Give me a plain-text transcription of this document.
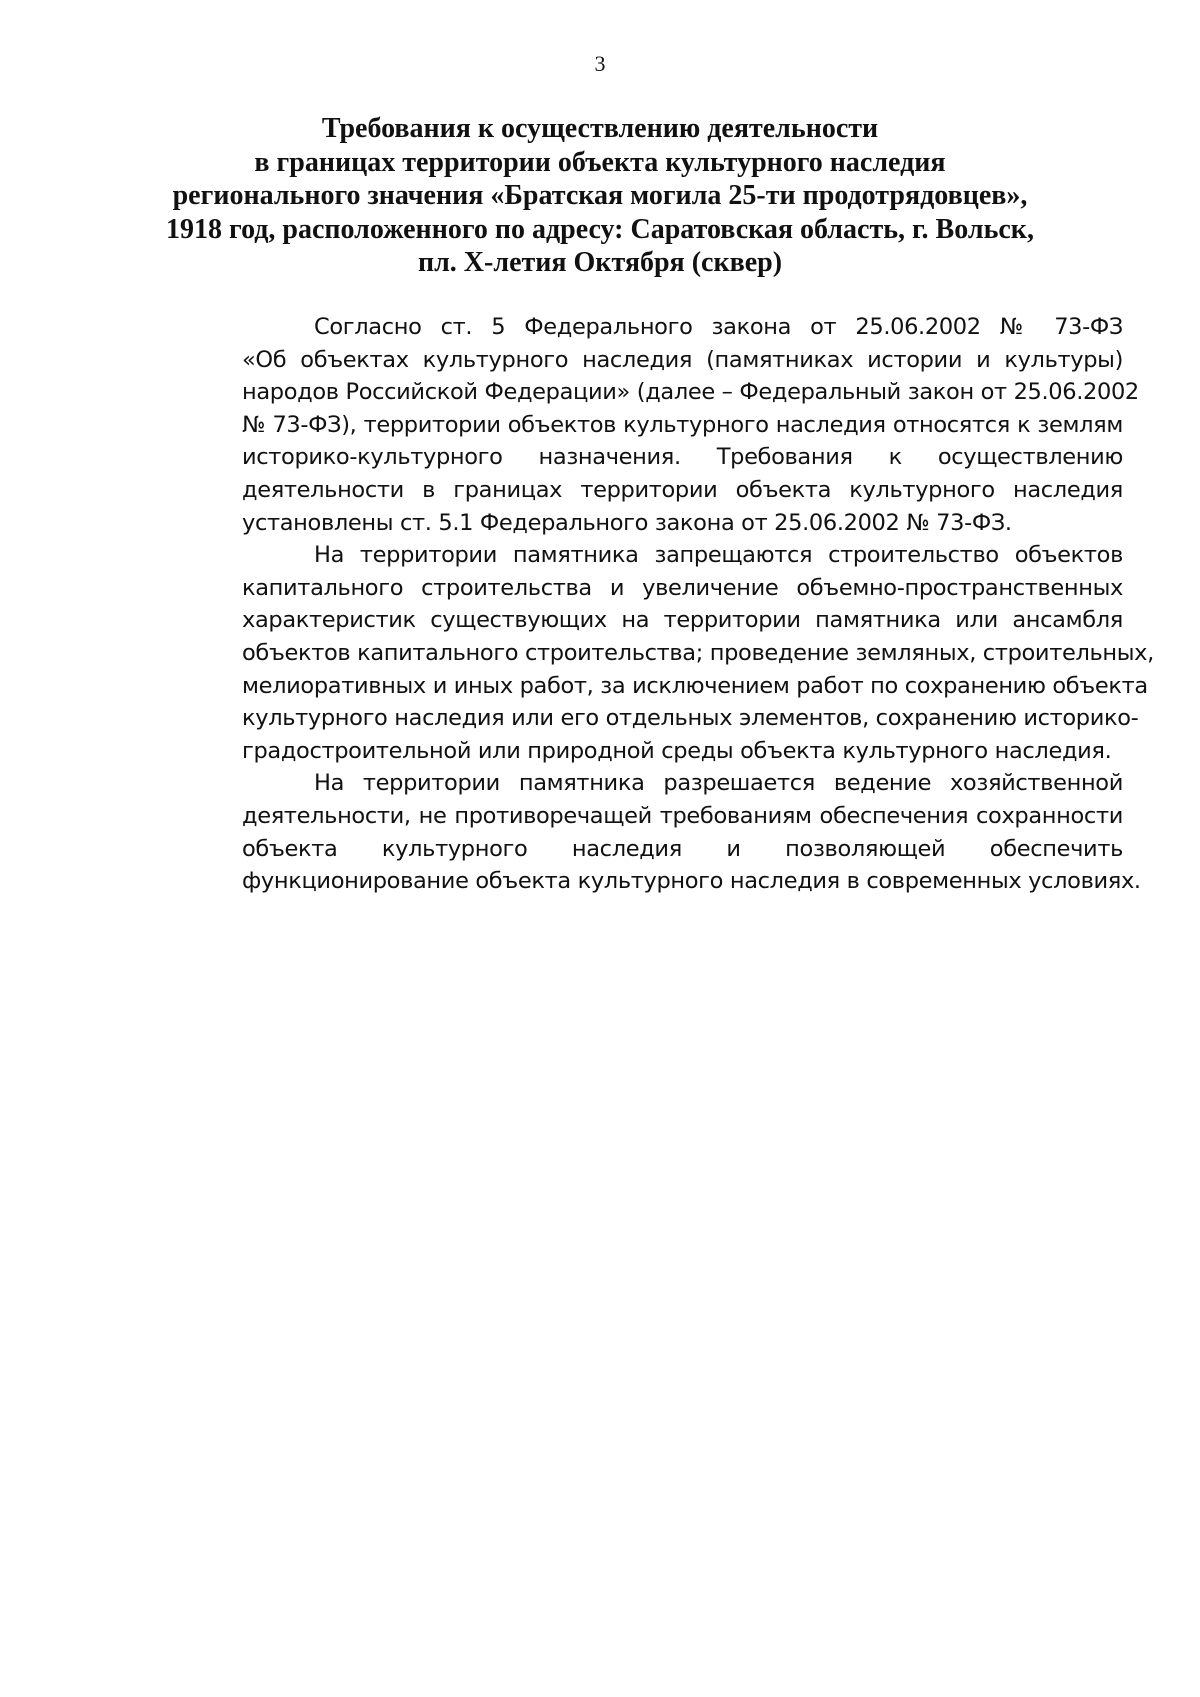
3
Требования к осуществлению деятельности
в границах территории объекта культурного наследия
регионального значения «Братская могила 25-ти продотрядовцев»,
1918 год, расположенного по адресу: Саратовская область, г. Вольск,
пл. Х-летия Октября (сквер)
Согласно ст. 5 Федерального закона от 25.06.2002 № 73-ФЗ
«Об объектах культурного наследия (памятниках истории и культуры)
народов Российской Федерации» (далее – Федеральный закон от 25.06.2002
№ 73-ФЗ), территории объектов культурного наследия относятся к землям
историко-культурного назначения. Требования к осуществлению
деятельности в границах территории объекта культурного наследия
установлены ст. 5.1 Федерального закона от 25.06.2002 № 73-ФЗ.
На территории памятника запрещаются строительство объектов
капитального строительства и увеличение объемно-пространственных
характеристик существующих на территории памятника или ансамбля
объектов капитального строительства; проведение земляных, строительных,
мелиоративных и иных работ, за исключением работ по сохранению объекта
культурного наследия или его отдельных элементов, сохранению историко-
градостроительной или природной среды объекта культурного наследия.
На территории памятника разрешается ведение хозяйственной
деятельности, не противоречащей требованиям обеспечения сохранности
объекта культурного наследия и позволяющей обеспечить
функционирование объекта культурного наследия в современных условиях.
